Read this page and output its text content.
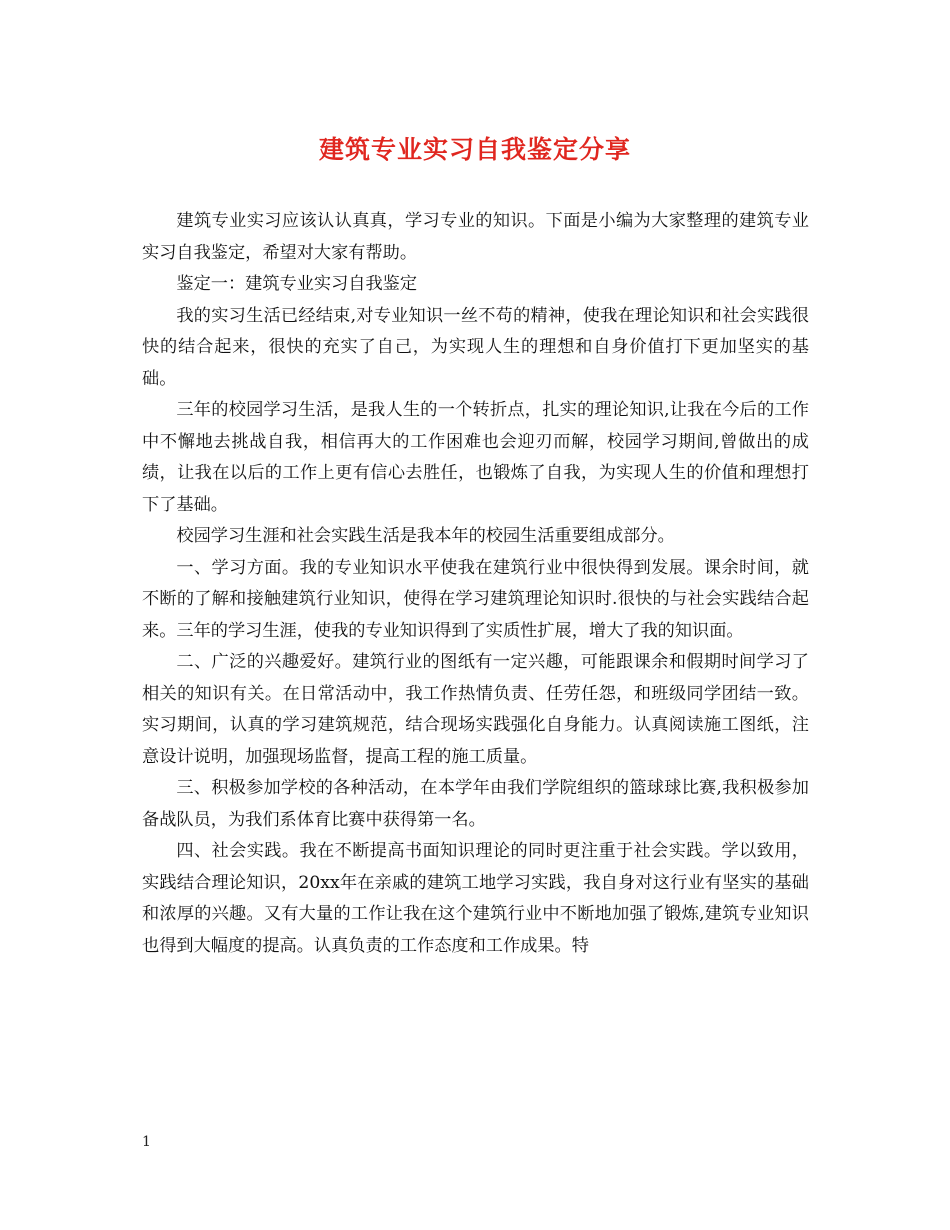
建筑专业实习自我鉴定分享

建筑专业实习应该认认真真，学习专业的知识。下面是小编为大家整理的建筑专业实习自我鉴定，希望对大家有帮助。

鉴定一：建筑专业实习自我鉴定

我的实习生活已经结束,对专业知识一丝不苟的精神，使我在理论知识和社会实践很快的结合起来，很快的充实了自己，为实现人生的理想和自身价值打下更加坚实的基础。

三年的校园学习生活，是我人生的一个转折点，扎实的理论知识,让我在今后的工作中不懈地去挑战自我，相信再大的工作困难也会迎刃而解，校园学习期间,曾做出的成绩，让我在以后的工作上更有信心去胜任，也锻炼了自我，为实现人生的价值和理想打下了基础。

校园学习生涯和社会实践生活是我本年的校园生活重要组成部分。

一、学习方面。我的专业知识水平使我在建筑行业中很快得到发展。课余时间，就不断的了解和接触建筑行业知识，使得在学习建筑理论知识时.很快的与社会实践结合起来。三年的学习生涯，使我的专业知识得到了实质性扩展，增大了我的知识面。

二、广泛的兴趣爱好。建筑行业的图纸有一定兴趣，可能跟课余和假期时间学习了相关的知识有关。在日常活动中，我工作热情负责、任劳任怨，和班级同学团结一致。实习期间，认真的学习建筑规范，结合现场实践强化自身能力。认真阅读施工图纸，注意设计说明，加强现场监督，提高工程的施工质量。

三、积极参加学校的各种活动，在本学年由我们学院组织的篮球球比赛,我积极参加备战队员，为我们系体育比赛中获得第一名。

四、社会实践。我在不断提高书面知识理论的同时更注重于社会实践。学以致用，实践结合理论知识，20xx年在亲戚的建筑工地学习实践，我自身对这行业有坚实的基础和浓厚的兴趣。又有大量的工作让我在这个建筑行业中不断地加强了锻炼,建筑专业知识也得到大幅度的提高。认真负责的工作态度和工作成果。特

1
